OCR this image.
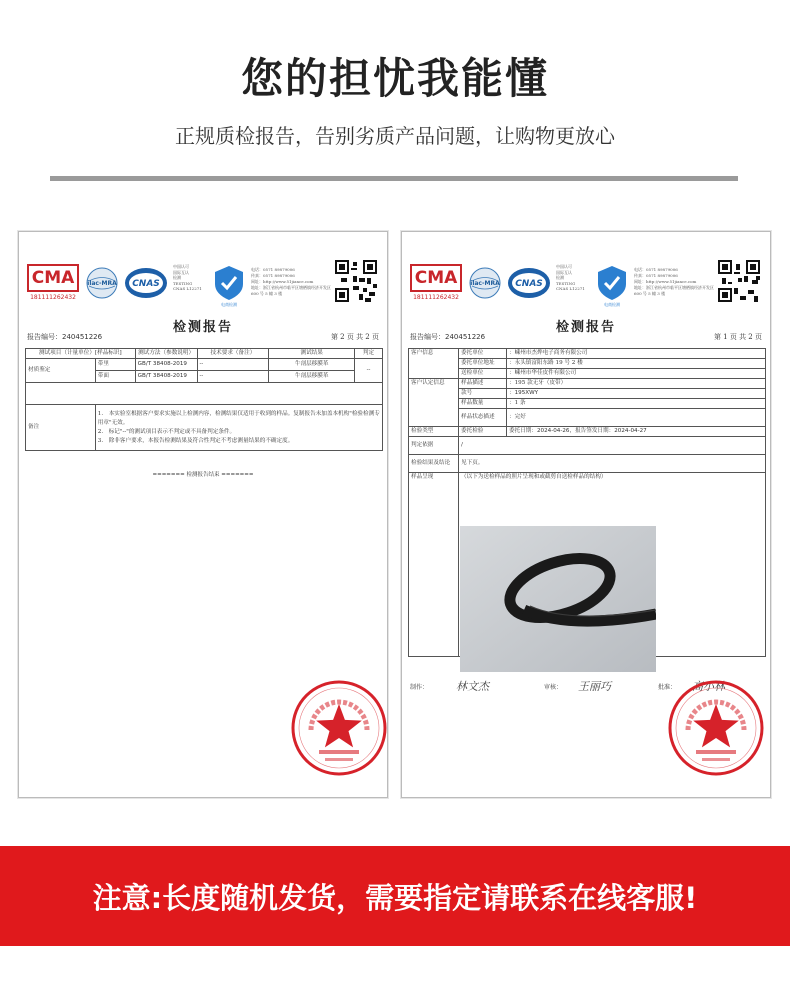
您的担忧我能懂
正规质检报告，告别劣质产品问题，让购物更放心
CMA
181111262432
ilac-MRA CNAS
中国认可
国际互认
检测
TESTING
CNAS L12271
电商检测
电话：0571 89879006
传真：0571 89879006
网址：http://www.51jiance.com
地址：浙江省杭州市临平区塘栖镇经济开发区 600 号 5 幢 3 楼
检测报告
报告编号：240451226	第 2 页 共 2 页
测试项目（计量单位）[样品标识]		测试方法（参数说明）	技术要求（备注）	测试结果	判定
材质鉴定	带里	GB/T 38408-2019	--	牛剖层移膜革	--
	带面	GB/T 38408-2019	--	牛剖层移膜革	

备注	1.　本实验室根据客户要求实施以上检测内容，检测结果仅适用于收到的样品。复制报告未加盖本机构"检验检测专用章"无效。
2.　标记"--"的测试项目表示不判定或不具备判定条件。
3.　除非客户要求，本报告检测结果及符合性判定不考虑测量结果的不确定度。				
======= 检测报告结束 =======
CMA
181111262432
ilac-MRA CNAS
中国认可
国际互认
检测
TESTING
CNAS L12271
电商检测
电话：0571 89879006
传真：0571 89879006
网址：http://www.51jiance.com
地址：浙江省杭州市临平区塘栖镇经济开发区 600 号 5 幢 3 楼
检测报告
报告编号：240451226	第 1 页 共 2 页
客户信息	委托单位	：嵊州市杰烨电子商务有限公司
	委托单位地址	：永头镇富阳东路 19 号 2 楼
	送检单位	：嵊州市华佳皮件有限公司
客户认定信息	样品描述	：195 款无牙（皮带）
	款号	：195XWY
	样品数量	：1 条
	样品状态描述	：完好
检验类型	委托检验	委托日期：2024-04-26，报告签发日期：2024-04-27
判定依据	/	
检验结果及结论	见下页。	
样品呈现	（以下为送检样品的照片呈现和或截剪自送检样品的结构）	
制作：	林文杰	审核： 王丽巧	批准： 高小林
注意:长度随机发货，需要指定请联系在线客服!
